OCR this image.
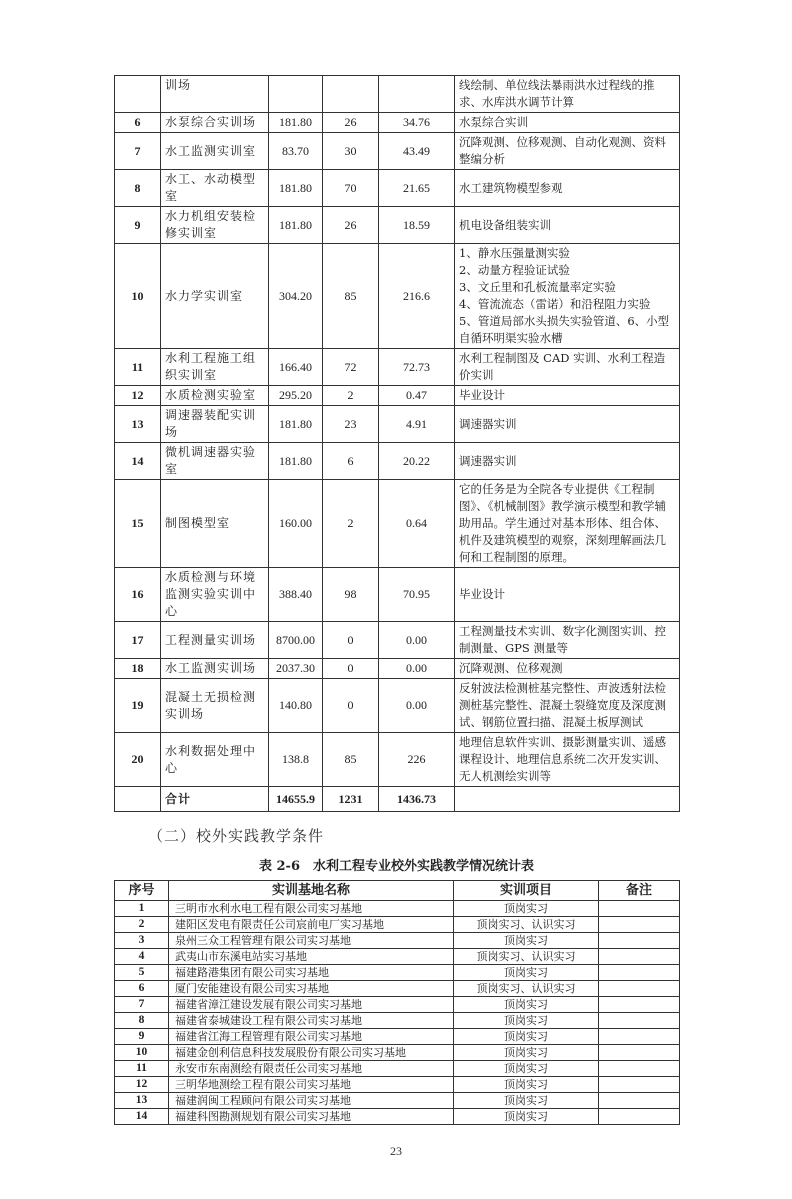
	训场				线绘制、单位线法暴雨洪水过程线的推求、水库洪水调节计算
6	水泵综合实训场	181.80	26	34.76	水泵综合实训
7	水工监测实训室	83.70	30	43.49	沉降观测、位移观测、自动化观测、资料整编分析
8	水工、水动模型室	181.80	70	21.65	水工建筑物模型参观
9	水力机组安装检修实训室	181.80	26	18.59	机电设备组装实训
10	水力学实训室	304.20	85	216.6	1、静水压强量测实验
2、动量方程验证试验
3、文丘里和孔板流量率定实验
4、管流流态（雷诺）和沿程阻力实验
5、管道局部水头损失实验管道、6、小型自循环明渠实验水槽

11	水利工程施工组织实训室	166.40	72	72.73	水利工程制图及 CAD 实训、水利工程造价实训
12	水质检测实验室	295.20	2	0.47	毕业设计
13	调速器装配实训场	181.80	23	4.91	调速器实训
14	微机调速器实验室	181.80	6	20.22	调速器实训
15	制图模型室	160.00	2	0.64	它的任务是为全院各专业提供《工程制图》、《机械制图》教学演示模型和教学辅助用品。学生通过对基本形体、组合体、机件及建筑模型的观察，深刻理解画法几何和工程制图的原理。
16	水质检测与环境监测实验实训中心	388.40	98	70.95	毕业设计
17	工程测量实训场	8700.00	0	0.00	工程测量技术实训、数字化测图实训、控制测量、GPS 测量等
18	水工监测实训场	2037.30	0	0.00	沉降观测、位移观测
19	混凝土无损检测实训场	140.80	0	0.00	反射波法检测桩基完整性、声波透射法检测桩基完整性、混凝土裂缝宽度及深度测试、钢筋位置扫描、混凝土板厚测试
20	水利数据处理中心	138.8	85	226	地理信息软件实训、摄影测量实训、遥感课程设计、地理信息系统二次开发实训、无人机测绘实训等
	合计	14655.9	1231	1436.73	
（二）校外实践教学条件
表 2-6　水利工程专业校外实践教学情况统计表
序号	实训基地名称	实训项目	备注
1	三明市水利水电工程有限公司实习基地	顶岗实习	
2	建阳区发电有限责任公司宸前电厂实习基地	顶岗实习、认识实习	
3	泉州三众工程管理有限公司实习基地	顶岗实习	
4	武夷山市东溪电站实习基地	顶岗实习、认识实习	
5	福建路港集团有限公司实习基地	顶岗实习	
6	厦门安能建设有限公司实习基地	顶岗实习、认识实习	
7	福建省漳江建设发展有限公司实习基地	顶岗实习	
8	福建省泰城建设工程有限公司实习基地	顶岗实习	
9	福建省江海工程管理有限公司实习基地	顶岗实习	
10	福建金创利信息科技发展股份有限公司实习基地	顶岗实习	
11	永安市东南测绘有限责任公司实习基地	顶岗实习	
12	三明华地测绘工程有限公司实习基地	顶岗实习	
13	福建润闽工程顾问有限公司实习基地	顶岗实习	
14	福建科图勘测规划有限公司实习基地	顶岗实习	
23
